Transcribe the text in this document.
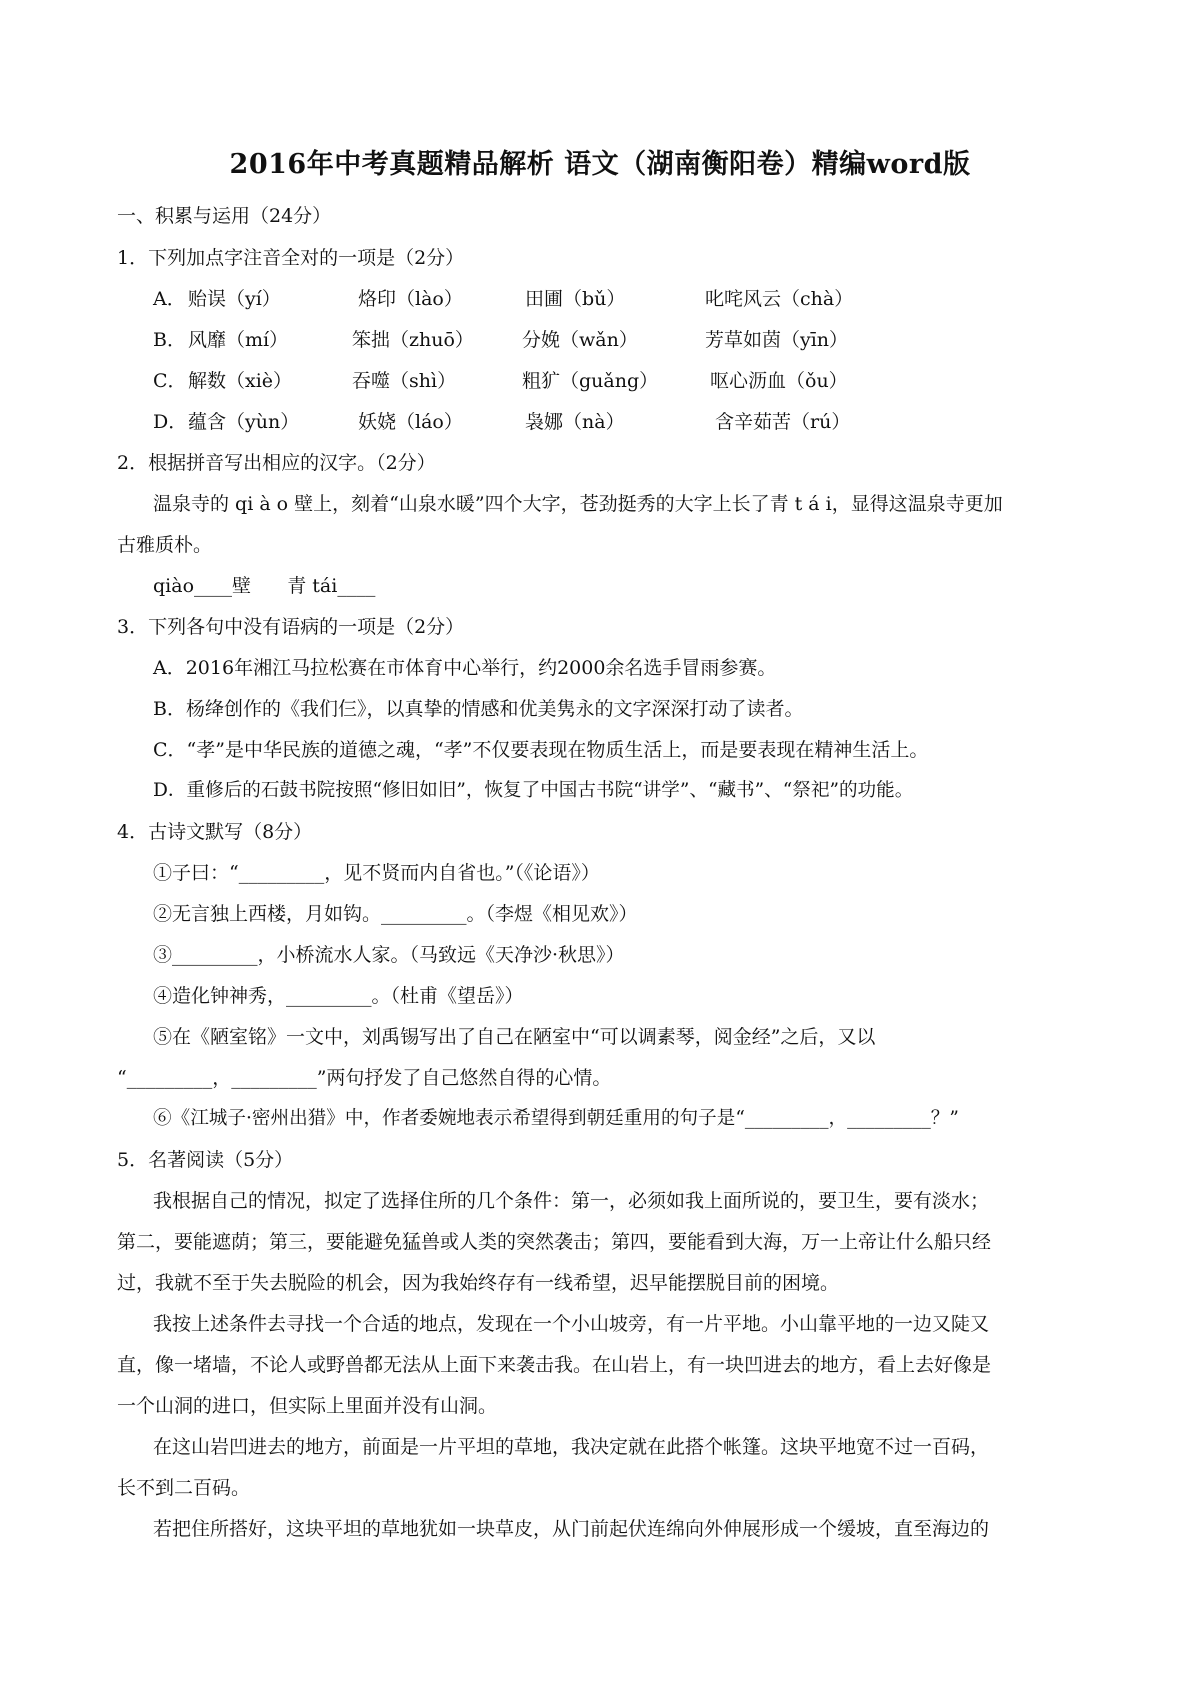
2016年中考真题精品解析 语文（湖南衡阳卷）精编word版
一、积累与运用（24分）
1．下列加点字注音全对的一项是（2分）
A． 贻误（yí）	烙印（lào）	田圃（bǔ）	叱咤风云（chà）
B． 风靡（mí）	笨拙（zhuō）	分娩（wǎn）	芳草如茵（yīn）
C． 解数（xiè）	吞噬（shì）	粗犷（guǎng）	呕心沥血（ǒu）
D． 蕴含（yùn）	妖娆（láo）	袅娜（nà）	含辛茹苦（rú）
2．根据拼音写出相应的汉字。（2分）
温泉寺的 qi à o 壁上，刻着“山泉水暖”四个大字，苍劲挺秀的大字上长了青 t á i，显得这温泉寺更加
古雅质朴。
qiào____壁      青 tái____
3．下列各句中没有语病的一项是（2分）
A．2016年湘江马拉松赛在市体育中心举行，约2000余名选手冒雨参赛。
B．杨绛创作的《我们仨》，以真挚的情感和优美隽永的文字深深打动了读者。
C．“孝”是中华民族的道德之魂，“孝”不仅要表现在物质生活上，而是要表现在精神生活上。
D．重修后的石鼓书院按照“修旧如旧”，恢复了中国古书院“讲学”、“藏书”、“祭祀”的功能。
4．古诗文默写（8分）
①子曰：“_________，见不贤而内自省也。”（《论语》）
②无言独上西楼，月如钩。_________。（李煜《相见欢》）
③_________，小桥流水人家。（马致远《天净沙·秋思》）
④造化钟神秀，_________。（杜甫《望岳》）
⑤在《陋室铭》一文中，刘禹锡写出了自己在陋室中“可以调素琴，阅金经”之后，又以
“_________，_________”两句抒发了自己悠然自得的心情。
⑥《江城子·密州出猎》中，作者委婉地表示希望得到朝廷重用的句子是“_________，_________？”
5．名著阅读（5分）
我根据自己的情况，拟定了选择住所的几个条件：第一，必须如我上面所说的，要卫生，要有淡水；
第二，要能遮荫；第三，要能避免猛兽或人类的突然袭击；第四，要能看到大海，万一上帝让什么船只经
过，我就不至于失去脱险的机会，因为我始终存有一线希望，迟早能摆脱目前的困境。
我按上述条件去寻找一个合适的地点，发现在一个小山坡旁，有一片平地。小山靠平地的一边又陡又
直，像一堵墙，不论人或野兽都无法从上面下来袭击我。在山岩上，有一块凹进去的地方，看上去好像是
一个山洞的进口，但实际上里面并没有山洞。
在这山岩凹进去的地方，前面是一片平坦的草地，我决定就在此搭个帐篷。这块平地宽不过一百码，
长不到二百码。
若把住所搭好，这块平坦的草地犹如一块草皮，从门前起伏连绵向外伸展形成一个缓坡，直至海边的
